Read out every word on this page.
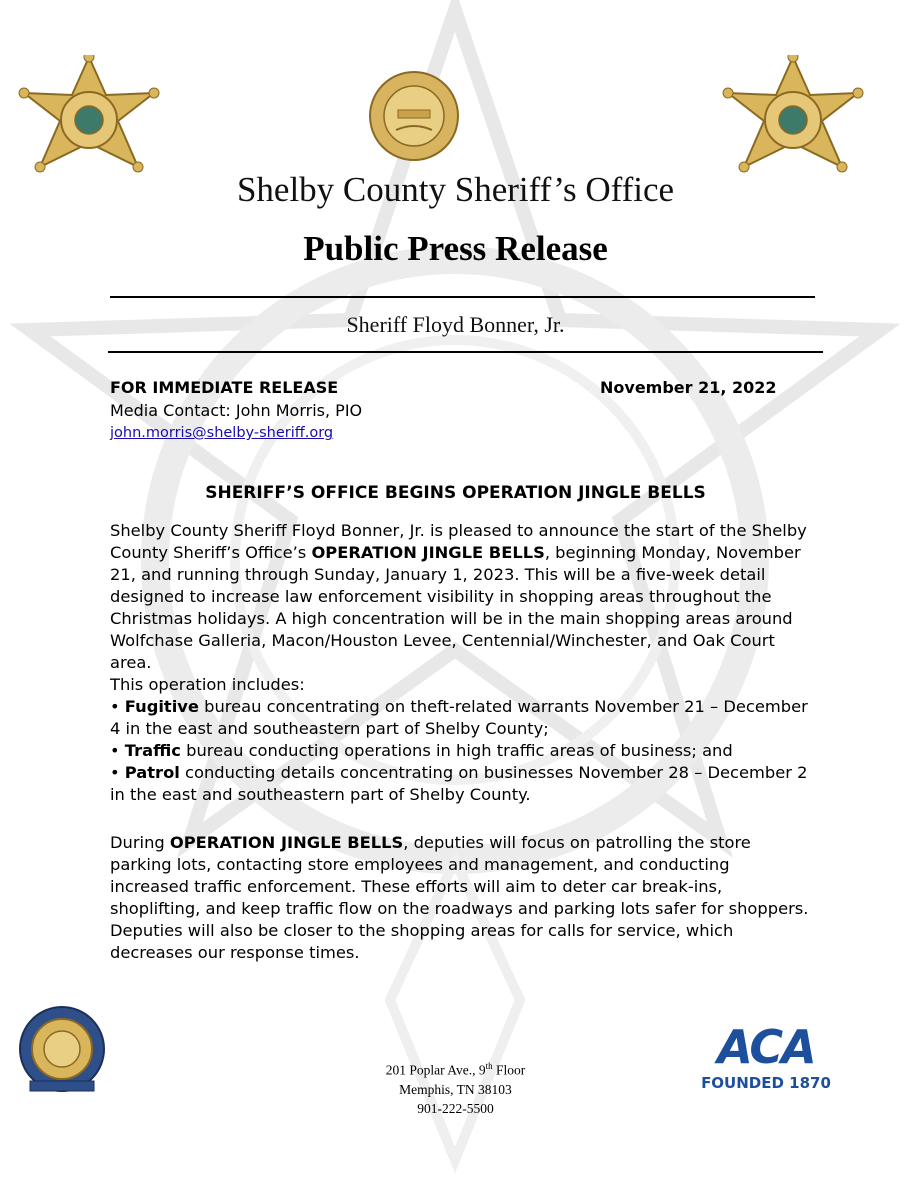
Shelby County Sheriff’s Office
Public Press Release
Sheriff Floyd Bonner, Jr.
FOR IMMEDIATE RELEASE	November 21, 2022
Media Contact: John Morris, PIO
john.morris@shelby-sheriff.org
SHERIFF’S OFFICE BEGINS OPERATION JINGLE BELLS

Shelby County Sheriff Floyd Bonner, Jr. is pleased to announce the start of the Shelby County Sheriff’s Office’s OPERATION JINGLE BELLS, beginning Monday, November 21, and running through Sunday, January 1, 2023. This will be a five-week detail designed to increase law enforcement visibility in shopping areas throughout the Christmas holidays. A high concentration will be in the main shopping areas around Wolfchase Galleria, Macon/Houston Levee, Centennial/Winchester, and Oak Court area.

This operation includes:
• Fugitive bureau concentrating on theft-related warrants November 21 – December 4 in the east and southeastern part of Shelby County;
• Traffic bureau conducting operations in high traffic areas of business; and
• Patrol conducting details concentrating on businesses November 28 – December 2 in the east and southeastern part of Shelby County.

During OPERATION JINGLE BELLS, deputies will focus on patrolling the store parking lots, contacting store employees and management, and conducting increased traffic enforcement. These efforts will aim to deter car break-ins, shoplifting, and keep traffic flow on the roadways and parking lots safer for shoppers. Deputies will also be closer to the shopping areas for calls for service, which decreases our response times.

201 Poplar Ave., 9th Floor
Memphis, TN 38103
901-222-5500
ACA
FOUNDED 1870
